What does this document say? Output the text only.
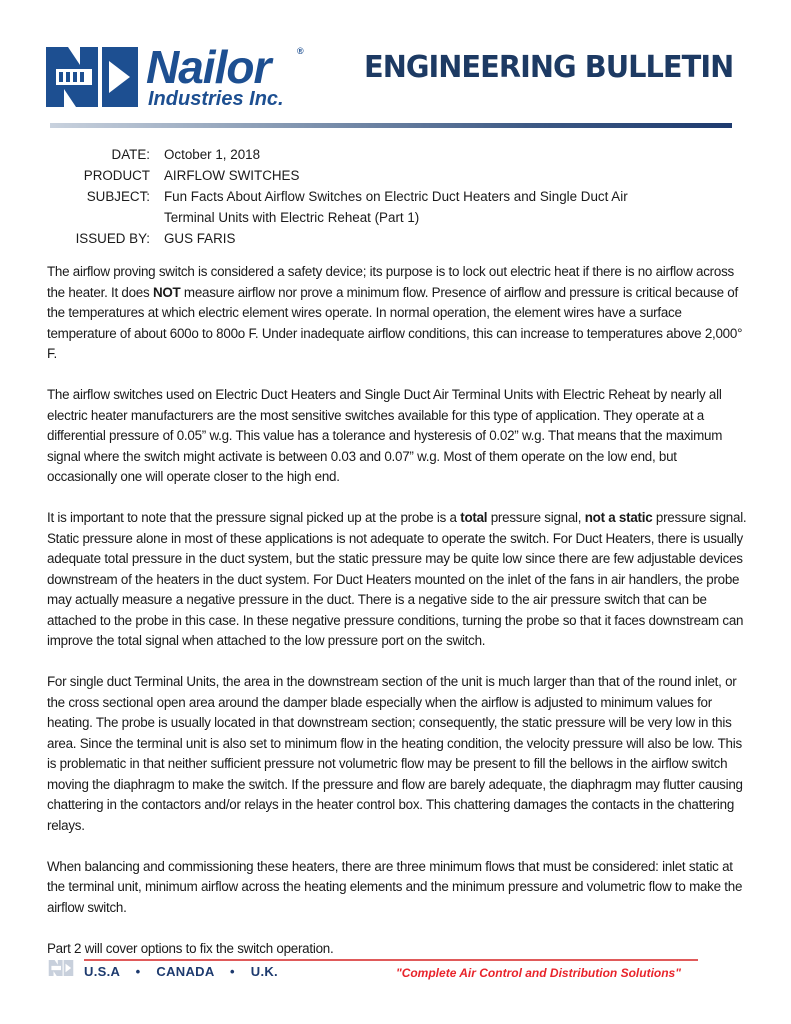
Nailor	®
Industries Inc.
ENGINEERING BULLETIN
DATE:	October 1, 2018
PRODUCT	AIRFLOW SWITCHES
SUBJECT:	Fun Facts About Airflow Switches on Electric Duct Heaters and Single Duct Air
Terminal Units with Electric Reheat (Part 1)
ISSUED BY:	GUS FARIS

The airflow proving switch is considered a safety device; its purpose is to lock out electric heat if there is no airflow across the heater. It does NOT measure airflow nor prove a minimum flow. Presence of airflow and pressure is critical because of the temperatures at which electric element wires operate. In normal operation, the element wires have a surface temperature of about 600o to 800o F. Under inadequate airflow conditions, this can increase to temperatures above 2,000° F.

The airflow switches used on Electric Duct Heaters and Single Duct Air Terminal Units with Electric Reheat by nearly all electric heater manufacturers are the most sensitive switches available for this type of application. They operate at a differential pressure of 0.05” w.g. This value has a tolerance and hysteresis of 0.02” w.g. That means that the maximum signal where the switch might activate is between 0.03 and 0.07” w.g. Most of them operate on the low end, but occasionally one will operate closer to the high end.

It is important to note that the pressure signal picked up at the probe is a total pressure signal, not a static pressure signal. Static pressure alone in most of these applications is not adequate to operate the switch. For Duct Heaters, there is usually adequate total pressure in the duct system, but the static pressure may be quite low since there are few adjustable devices downstream of the heaters in the duct system. For Duct Heaters mounted on the inlet of the fans in air handlers, the probe may actually measure a negative pressure in the duct. There is a negative side to the air pressure switch that can be attached to the probe in this case. In these negative pressure conditions, turning the probe so that it faces downstream can improve the total signal when attached to the low pressure port on the switch.

For single duct Terminal Units, the area in the downstream section of the unit is much larger than that of the round inlet, or the cross sectional open area around the damper blade especially when the airflow is adjusted to minimum values for heating. The probe is usually located in that downstream section; consequently, the static pressure will be very low in this area. Since the terminal unit is also set to minimum flow in the heating condition, the velocity pressure will also be low. This is problematic in that neither sufficient pressure not volumetric flow may be present to fill the bellows in the airflow switch moving the diaphragm to make the switch. If the pressure and flow are barely adequate, the diaphragm may flutter causing chattering in the contactors and/or relays in the heater control box. This chattering damages the contacts in the chattering relays.

When balancing and commissioning these heaters, there are three minimum flows that must be considered: inlet static at the terminal unit, minimum airflow across the heating elements and the minimum pressure and volumetric flow to make the airflow switch.

Part 2 will cover options to fix the switch operation.

U.S.A • CANADA • U.K.	"Complete Air Control and Distribution Solutions"
